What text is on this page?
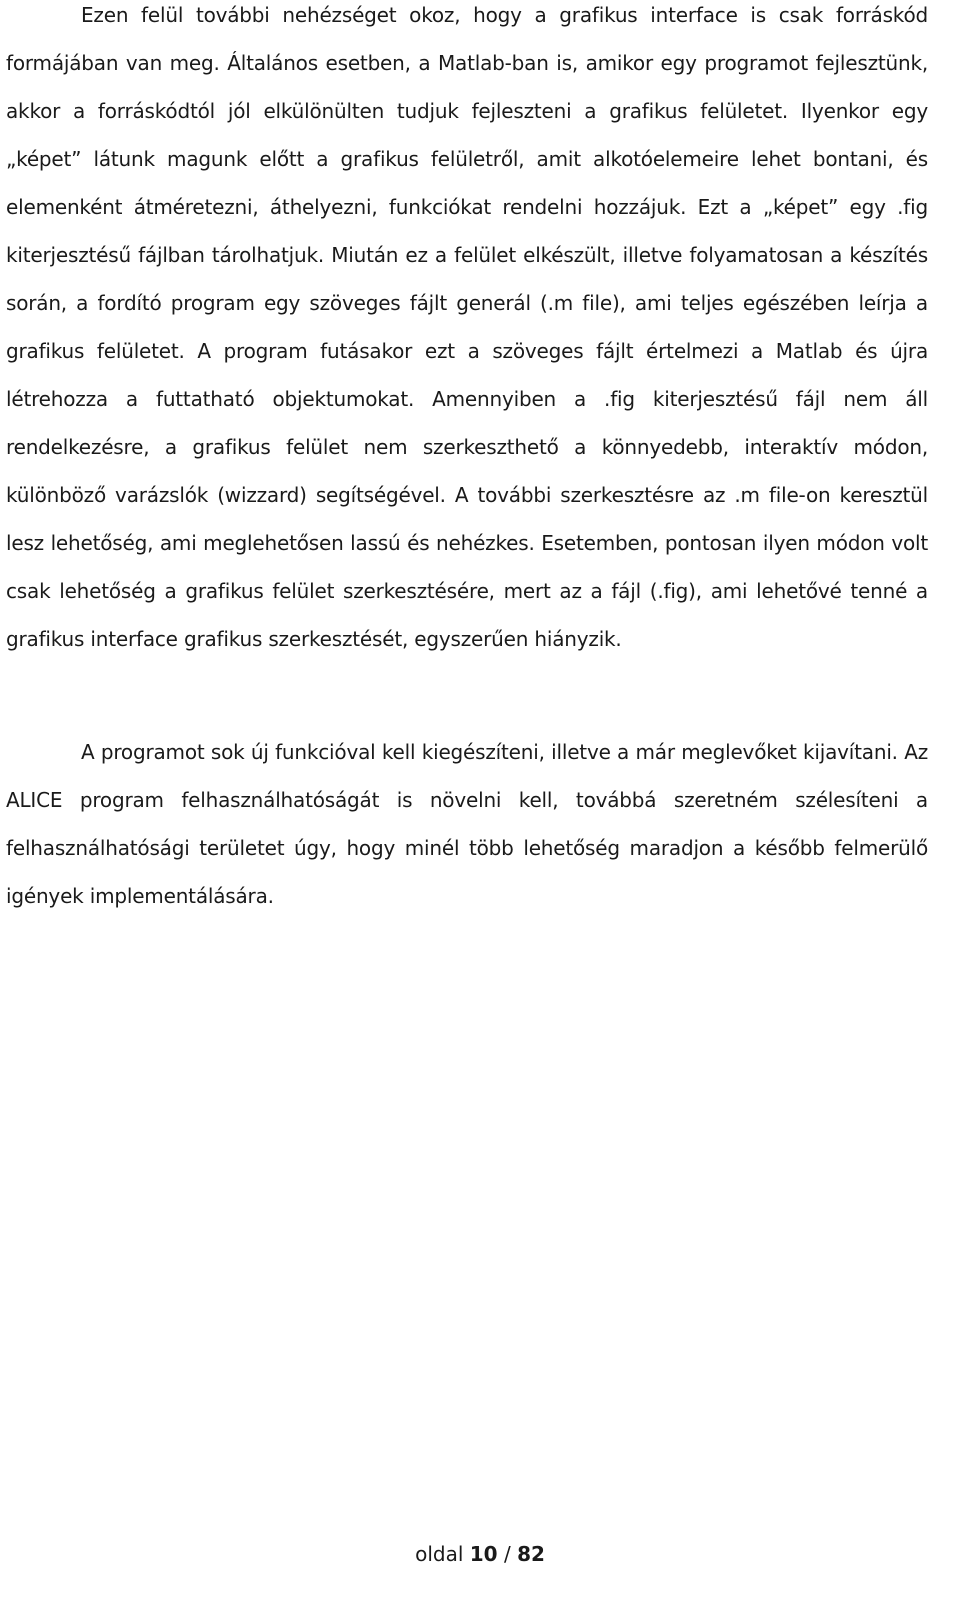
Ezen felül további nehézséget okoz, hogy a grafikus interface is csak forráskód formájában van meg. Általános esetben, a Matlab-ban is, amikor egy programot fejlesztünk, akkor a forráskódtól jól elkülönülten tudjuk fejleszteni a grafikus felületet. Ilyenkor egy „képet” látunk magunk előtt a grafikus felületről, amit alkotóelemeire lehet bontani, és elemenként átméretezni, áthelyezni, funkciókat rendelni hozzájuk. Ezt a „képet” egy .fig kiterjesztésű fájlban tárolhatjuk. Miután ez a felület elkészült, illetve folyamatosan a készítés során, a fordító program egy szöveges fájlt generál (.m file), ami teljes egészében leírja a grafikus felületet. A program futásakor ezt a szöveges fájlt értelmezi a Matlab és újra létrehozza a futtatható objektumokat. Amennyiben a .fig kiterjesztésű fájl nem áll rendelkezésre, a grafikus felület nem szerkeszthető a könnyedebb, interaktív módon, különböző varázslók (wizzard) segítségével. A további szerkesztésre az .m file-on keresztül lesz lehetőség, ami meglehetősen lassú és nehézkes. Esetemben, pontosan ilyen módon volt csak lehetőség a grafikus felület szerkesztésére, mert az a fájl (.fig), ami lehetővé tenné a grafikus interface grafikus szerkesztését, egyszerűen hiányzik.

A programot sok új funkcióval kell kiegészíteni, illetve a már meglevőket kijavítani. Az ALICE program felhasználhatóságát is növelni kell, továbbá szeretném szélesíteni a felhasználhatósági területet úgy, hogy minél több lehetőség maradjon a később felmerülő igények implementálására.

oldal 10 / 82
